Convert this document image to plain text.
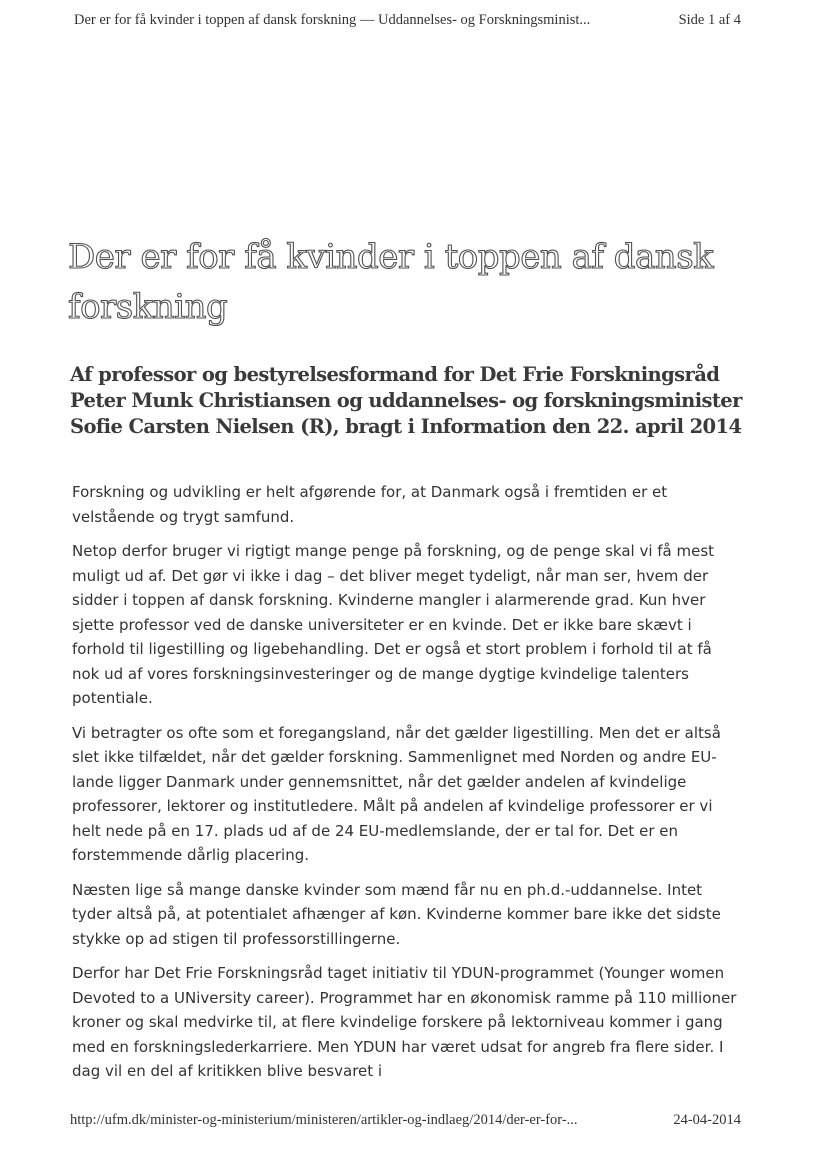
Der er for få kvinder i toppen af dansk forskning — Uddannelses- og Forskningsminist...	Side 1 af 4
Der er for få kvinder i toppen af dansk forskning
Af professor og bestyrelsesformand for Det Frie Forskningsråd Peter Munk Christiansen og uddannelses- og forskningsminister Sofie Carsten Nielsen (R), bragt i Information den 22. april 2014

Forskning og udvikling er helt afgørende for, at Danmark også i fremtiden er et velstående og trygt samfund.

Netop derfor bruger vi rigtigt mange penge på forskning, og de penge skal vi få mest muligt ud af. Det gør vi ikke i dag – det bliver meget tydeligt, når man ser, hvem der sidder i toppen af dansk forskning. Kvinderne mangler i alarmerende grad. Kun hver sjette professor ved de danske universiteter er en kvinde. Det er ikke bare skævt i forhold til ligestilling og ligebehandling. Det er også et stort problem i forhold til at få nok ud af vores forskningsinvesteringer og de mange dygtige kvindelige talenters potentiale.

Vi betragter os ofte som et foregangsland, når det gælder ligestilling. Men det er altså slet ikke tilfældet, når det gælder forskning. Sammenlignet med Norden og andre EU-lande ligger Danmark under gennemsnittet, når det gælder andelen af kvindelige professorer, lektorer og institutledere. Målt på andelen af kvindelige professorer er vi helt nede på en 17. plads ud af de 24 EU-medlemslande, der er tal for. Det er en forstemmende dårlig placering.

Næsten lige så mange danske kvinder som mænd får nu en ph.d.-uddannelse. Intet tyder altså på, at potentialet afhænger af køn. Kvinderne kommer bare ikke det sidste stykke op ad stigen til professorstillingerne.

Derfor har Det Frie Forskningsråd taget initiativ til YDUN-programmet (Younger women Devoted to a UNiversity career). Programmet har en økonomisk ramme på 110 millioner kroner og skal medvirke til, at flere kvindelige forskere på lektorniveau kommer i gang med en forskningslederkarriere. Men YDUN har været udsat for angreb fra flere sider. I dag vil en del af kritikken blive besvaret i

http://ufm.dk/minister-og-ministerium/ministeren/artikler-og-indlaeg/2014/der-er-for-...	24-04-2014
